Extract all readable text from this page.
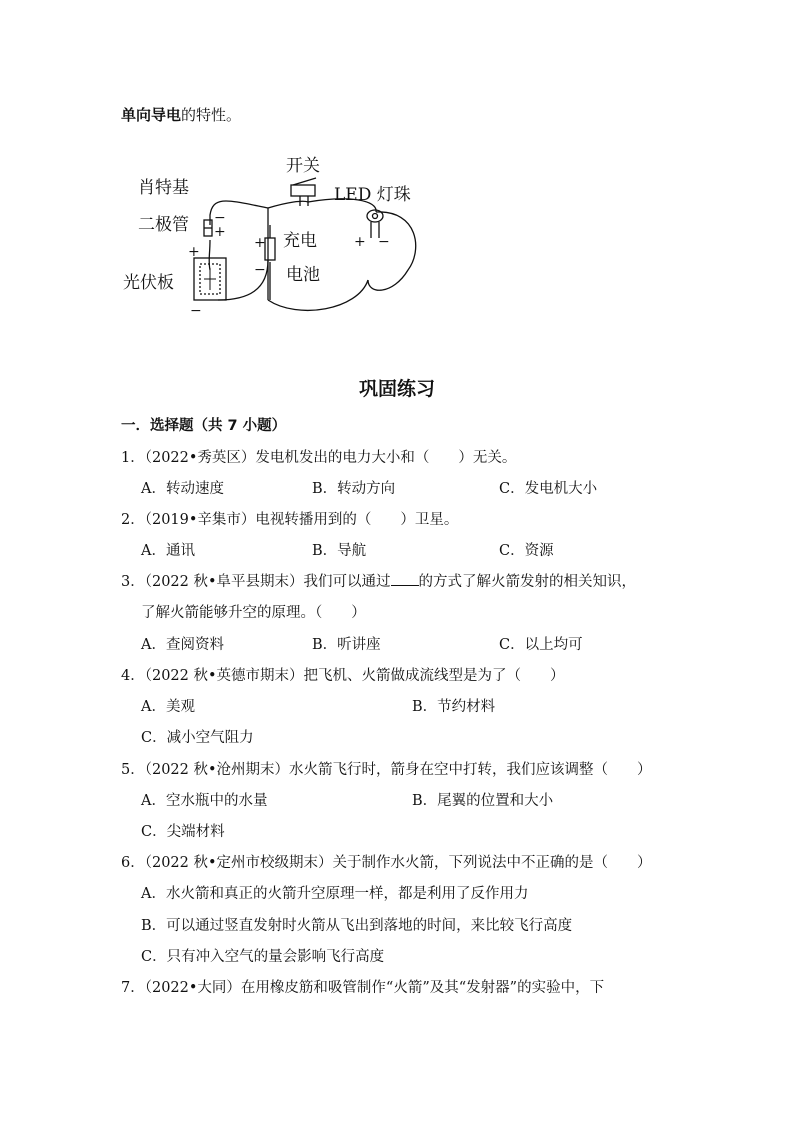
单向导电的特性。
开关
LED 灯珠
肖特基
二极管
充电
电池
光伏板
−
+
+
−
+
−
+ −
巩固练习
一．选择题（共 7 小题）
1．（2022•秀英区）发电机发出的电力大小和（　　）无关。
A．转动速度	B．转动方向	C．发电机大小
2．（2019•辛集市）电视转播用到的（　　）卫星。
A．通讯	B．导航	C．资源
3．（2022 秋•阜平县期末）我们可以通过 的方式了解火箭发射的相关知识，
了解火箭能够升空的原理。（　　）
A．查阅资料	B．听讲座	C．以上均可
4．（2022 秋•英德市期末）把飞机、火箭做成流线型是为了（　　）
A．美观	B．节约材料
C．减小空气阻力
5．（2022 秋•沧州期末）水火箭飞行时，箭身在空中打转，我们应该调整（　　）
A．空水瓶中的水量	B．尾翼的位置和大小
C．尖端材料
6．（2022 秋•定州市校级期末）关于制作水火箭，下列说法中不正确的是（　　）
A．水火箭和真正的火箭升空原理一样，都是利用了反作用力
B．可以通过竖直发射时火箭从飞出到落地的时间，来比较飞行高度
C．只有冲入空气的量会影响飞行高度
7．（2022•大同）在用橡皮筋和吸管制作“火箭”及其“发射器”的实验中，下
